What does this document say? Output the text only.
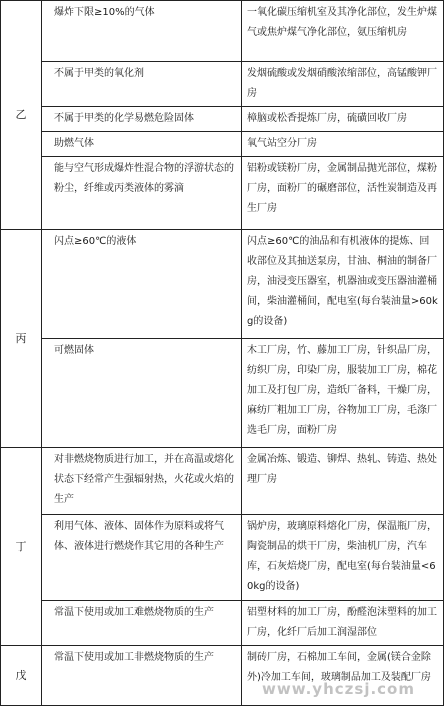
乙	爆炸下限≥10%的气体	一氧化碳压缩机室及其净化部位，发生炉煤气或焦炉煤气净化部位，氨压缩机房
	不属于甲类的氧化剂	发烟硫酸或发烟硝酸浓缩部位，高锰酸钾厂房
	不属于甲类的化学易燃危险固体	樟脑或松香提炼厂房，硫磺回收厂房
	助燃气体	氧气站空分厂房
	能与空气形成爆炸性混合物的浮游状态的粉尘，纤维或丙类液体的雾滴	铝粉或镁粉厂房，金属制品抛光部位，煤粉厂房，面粉厂的碾磨部位，活性炭制造及再生厂房
丙	闪点≥60℃的液体	闪点≥60℃的油品和有机液体的提炼、回收部位及其抽送泵房，甘油、桐油的制备厂房，油浸变压器室，机器油或变压器油灌桶间，柴油灌桶间，配电室(每台装油量>60kg的设备)
	可燃固体	木工厂房，竹、藤加工厂房，针织品厂房，纺织厂房，印染厂房，服装加工厂房，棉花加工及打包厂房，造纸厂备料，干燥厂房，麻纺厂粗加工厂房，谷物加工厂房，毛涤厂选毛厂房，面粉厂房
丁	对非燃烧物质进行加工，并在高温或熔化状态下经常产生强辐射热，火花或火焰的生产	金属冶炼、锻造、铆焊、热轧、铸造、热处理厂房
	利用气体、液体、固体作为原料或将气体、液体进行燃烧作其它用的各种生产	锅炉房，玻璃原料熔化厂房，保温瓶厂房，陶瓷制品的烘干厂房，柴油机厂房，汽车库，石灰焙烧厂房，配电室(每台装油量<60kg的设备)
	常温下使用或加工难燃烧物质的生产	铝塑材料的加工厂房，酚醛泡沫塑料的加工厂房，化纤厂后加工润湿部位
戊	常温下使用或加工非燃烧物质的生产	制砖厂房，石棉加工车间，金属(镁合金除外)冷加工车间，玻璃制品加工及装配厂房
www.yhczsj.com
